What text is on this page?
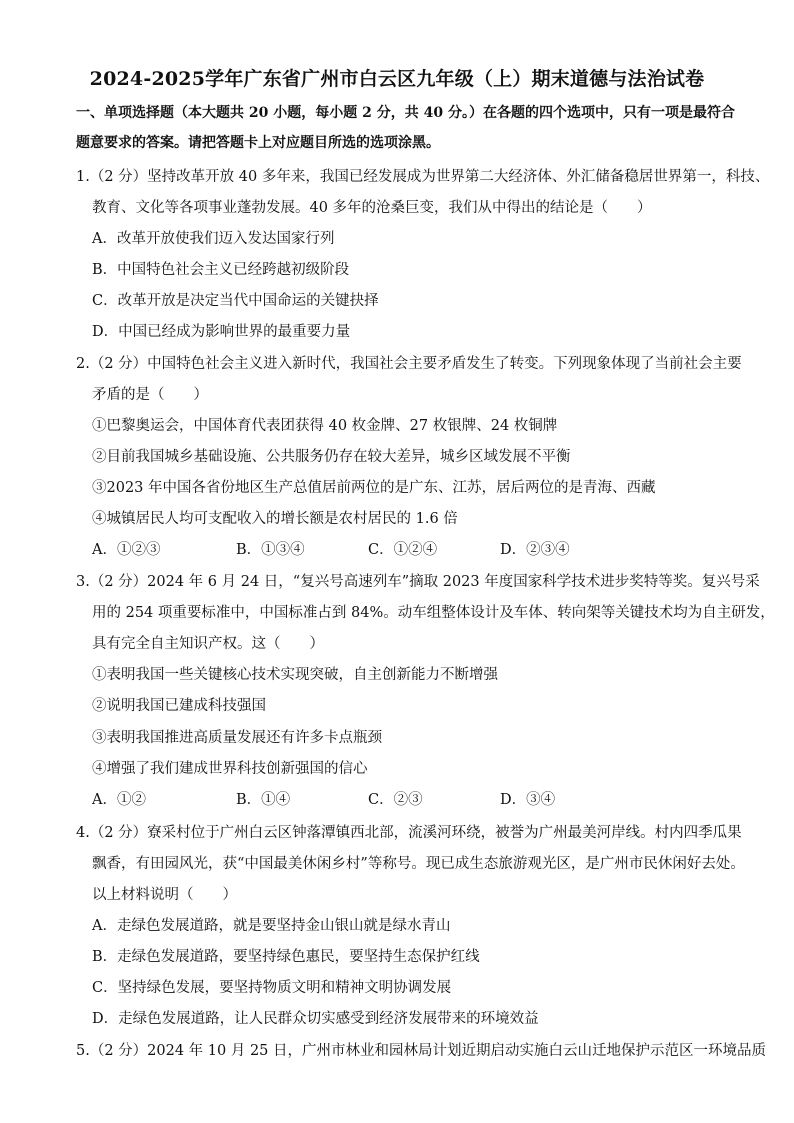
2024-2025学年广东省广州市白云区九年级（上）期末道德与法治试卷
一、单项选择题（本大题共 20 小题，每小题 2 分，共 40 分。）在各题的四个选项中，只有一项是最符合
题意要求的答案。请把答题卡上对应题目所选的选项涂黑。
1.（2 分）坚持改革开放 40 多年来，我国已经发展成为世界第二大经济体、外汇储备稳居世界第一，科技、
教育、文化等各项事业蓬勃发展。40 多年的沧桑巨变，我们从中得出的结论是（　　）
A．改革开放使我们迈入发达国家行列
B．中国特色社会主义已经跨越初级阶段
C．改革开放是决定当代中国命运的关键抉择
D．中国已经成为影响世界的最重要力量
2.（2 分）中国特色社会主义进入新时代，我国社会主要矛盾发生了转变。下列现象体现了当前社会主要
矛盾的是（　　）
①巴黎奥运会，中国体育代表团获得 40 枚金牌、27 枚银牌、24 枚铜牌
②目前我国城乡基础设施、公共服务仍存在较大差异，城乡区域发展不平衡
③2023 年中国各省份地区生产总值居前两位的是广东、江苏，居后两位的是青海、西藏
④城镇居民人均可支配收入的增长额是农村居民的 1.6 倍
A．①②③	B．①③④	C．①②④	D．②③④
3.（2 分）2024 年 6 月 24 日，“复兴号高速列车”摘取 2023 年度国家科学技术进步奖特等奖。复兴号采
用的 254 项重要标准中，中国标准占到 84%。动车组整体设计及车体、转向架等关键技术均为自主研发，
具有完全自主知识产权。这（　　）
①表明我国一些关键核心技术实现突破，自主创新能力不断增强
②说明我国已建成科技强国
③表明我国推进高质量发展还有许多卡点瓶颈
④增强了我们建成世界科技创新强国的信心
A．①②	B．①④	C．②③	D．③④
4.（2 分）寮采村位于广州白云区钟落潭镇西北部，流溪河环绕，被誉为广州最美河岸线。村内四季瓜果
飘香，有田园风光，获“中国最美休闲乡村”等称号。现已成生态旅游观光区，是广州市民休闲好去处。
以上材料说明（　　）
A．走绿色发展道路，就是要坚持金山银山就是绿水青山
B．走绿色发展道路，要坚持绿色惠民，要坚持生态保护红线
C．坚持绿色发展，要坚持物质文明和精神文明协调发展
D．走绿色发展道路，让人民群众切实感受到经济发展带来的环境效益
5.（2 分）2024 年 10 月 25 日，广州市林业和园林局计划近期启动实施白云山迁地保护示范区一环境品质
